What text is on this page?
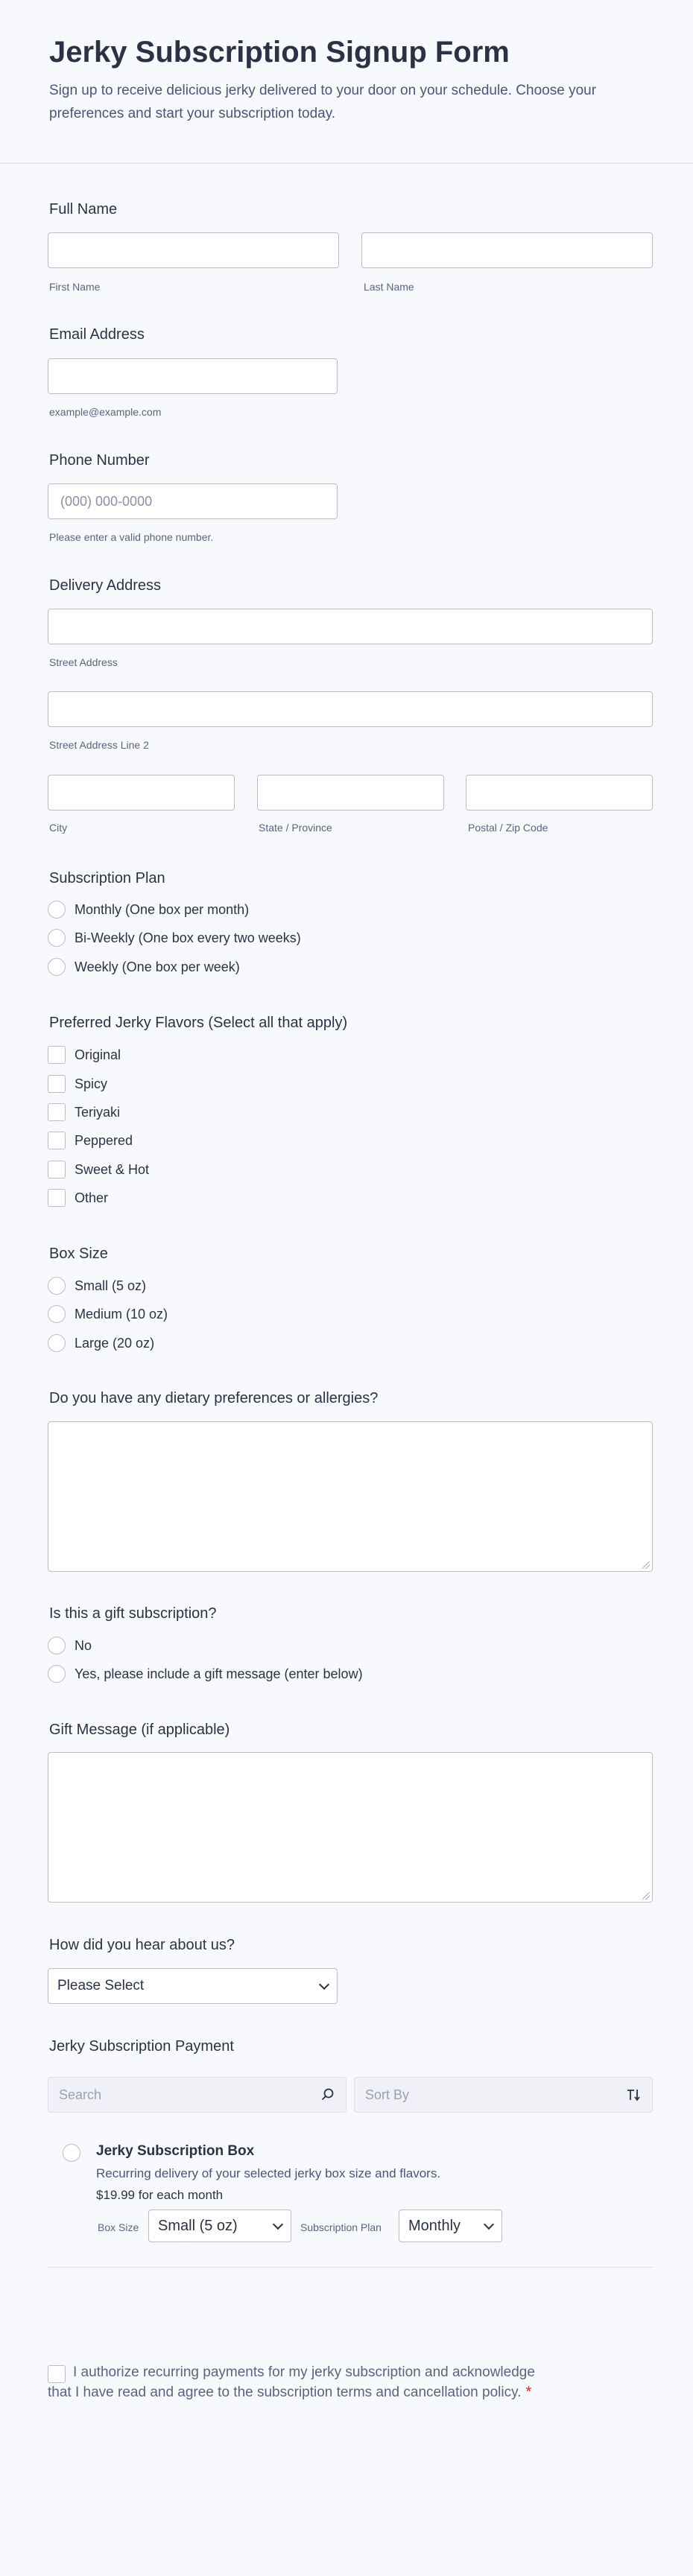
Jerky Subscription Signup Form
Sign up to receive delicious jerky delivered to your door on your schedule. Choose your preferences and start your subscription today.
Full Name
First Name	Last Name
Email Address
example@example.com
Phone Number
(000) 000-0000
Please enter a valid phone number.
Delivery Address
Street Address
Street Address Line 2
City	State / Province	Postal / Zip Code
Subscription Plan
Monthly (One box per month)
Bi-Weekly (One box every two weeks)
Weekly (One box per week)
Preferred Jerky Flavors (Select all that apply)
Original
Spicy
Teriyaki
Peppered
Sweet & Hot
Other
Box Size
Small (5 oz)
Medium (10 oz)
Large (20 oz)
Do you have any dietary preferences or allergies?
Is this a gift subscription?
No
Yes, please include a gift message (enter below)
Gift Message (if applicable)
How did you hear about us?
Please Select
Jerky Subscription Payment
Search	Sort By
Jerky Subscription Box
Recurring delivery of your selected jerky box size and flavors.
$19.99 for each month
Box Size Small (5 oz)	Subscription Plan Monthly
I authorize recurring payments for my jerky subscription and acknowledge that I have read and agree to the subscription terms and cancellation policy. *
